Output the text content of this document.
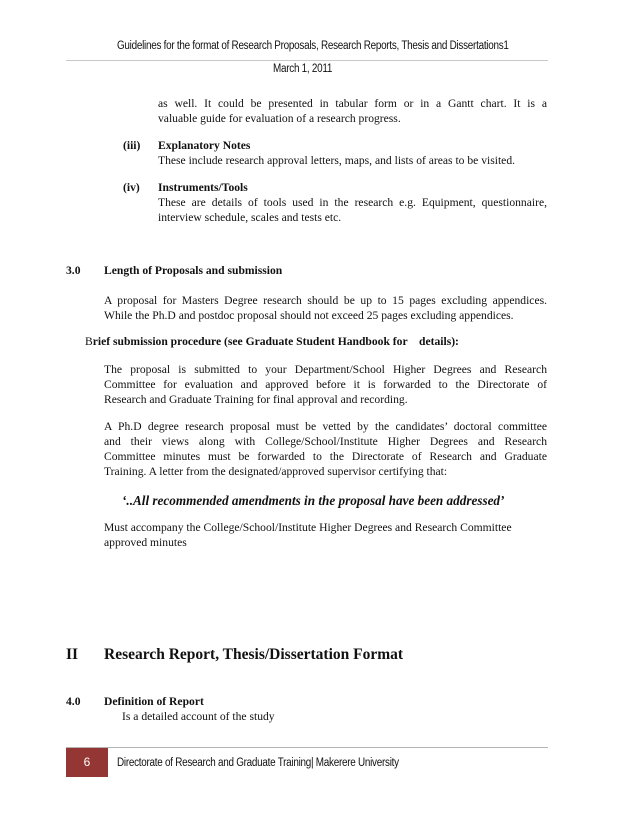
Guidelines for the format of Research Proposals, Research Reports, Thesis and Dissertations1
March 1, 2011
as well. It could be presented in tabular form or in a Gantt chart. It is a
valuable guide for evaluation of a research progress.
(iii) Explanatory Notes
These include research approval letters, maps, and lists of areas to be visited.
(iv) Instruments/Tools
These are details of tools used in the research e.g. Equipment, questionnaire,
interview schedule, scales and tests etc.
3.0 Length of Proposals and submission
A proposal for Masters Degree research should be up to 15 pages excluding appendices.
While the Ph.D and postdoc proposal should not exceed 25 pages excluding appendices.
Brief submission procedure (see Graduate Student Handbook for    details):
The proposal is submitted to your Department/School Higher Degrees and Research
Committee for evaluation and approved before it is forwarded to the Directorate of
Research and Graduate Training for final approval and recording.
A Ph.D degree research proposal must be vetted by the candidates’ doctoral committee
and their views along with College/School/Institute Higher Degrees and Research
Committee minutes must be forwarded to the Directorate of Research and Graduate
Training. A letter from the designated/approved supervisor certifying that:
‘..All recommended amendments in the proposal have been addressed’
Must accompany the College/School/Institute Higher Degrees and Research Committee
approved minutes
II Research Report, Thesis/Dissertation Format
4.0 Definition of Report
Is a detailed account of the study
6	Directorate of Research and Graduate Training| Makerere University
